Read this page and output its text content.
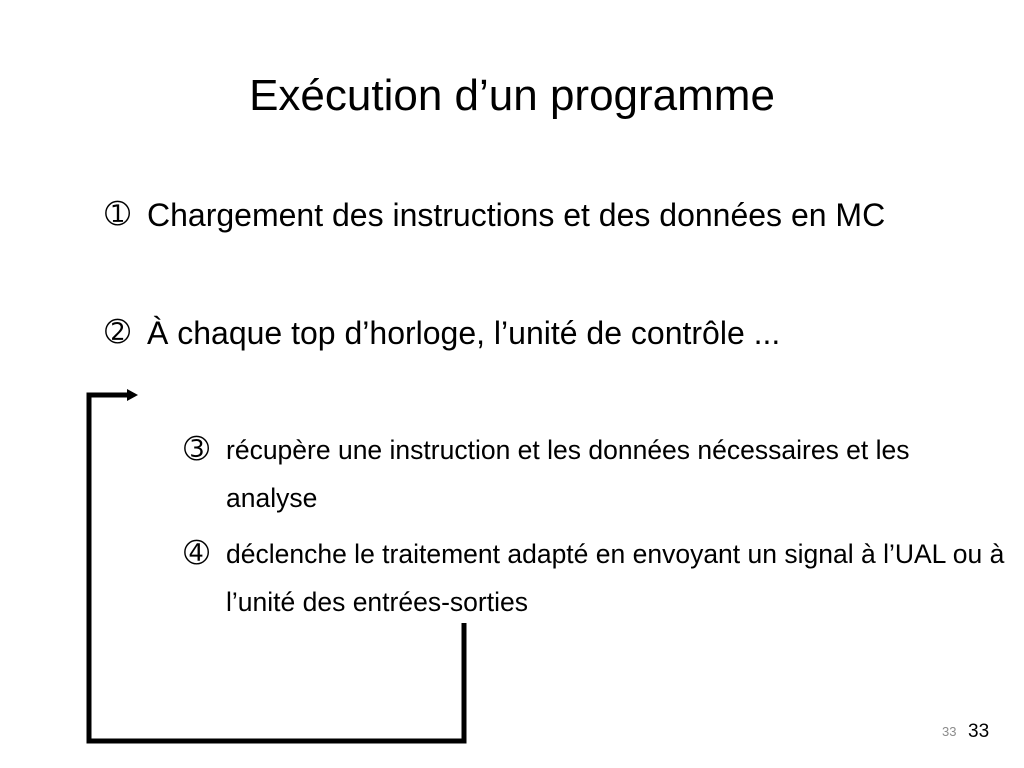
Exécution d’un programme

➀ Chargement des instructions et des données en MC

➁ À chaque top d’horloge, l’unité de contrôle ...

➂ récupère une instruction et les données nécessaires et les analyse

➃ déclenche le traitement adapté en envoyant un signal à l’UAL ou à l’unité des entrées-sorties

33 33
